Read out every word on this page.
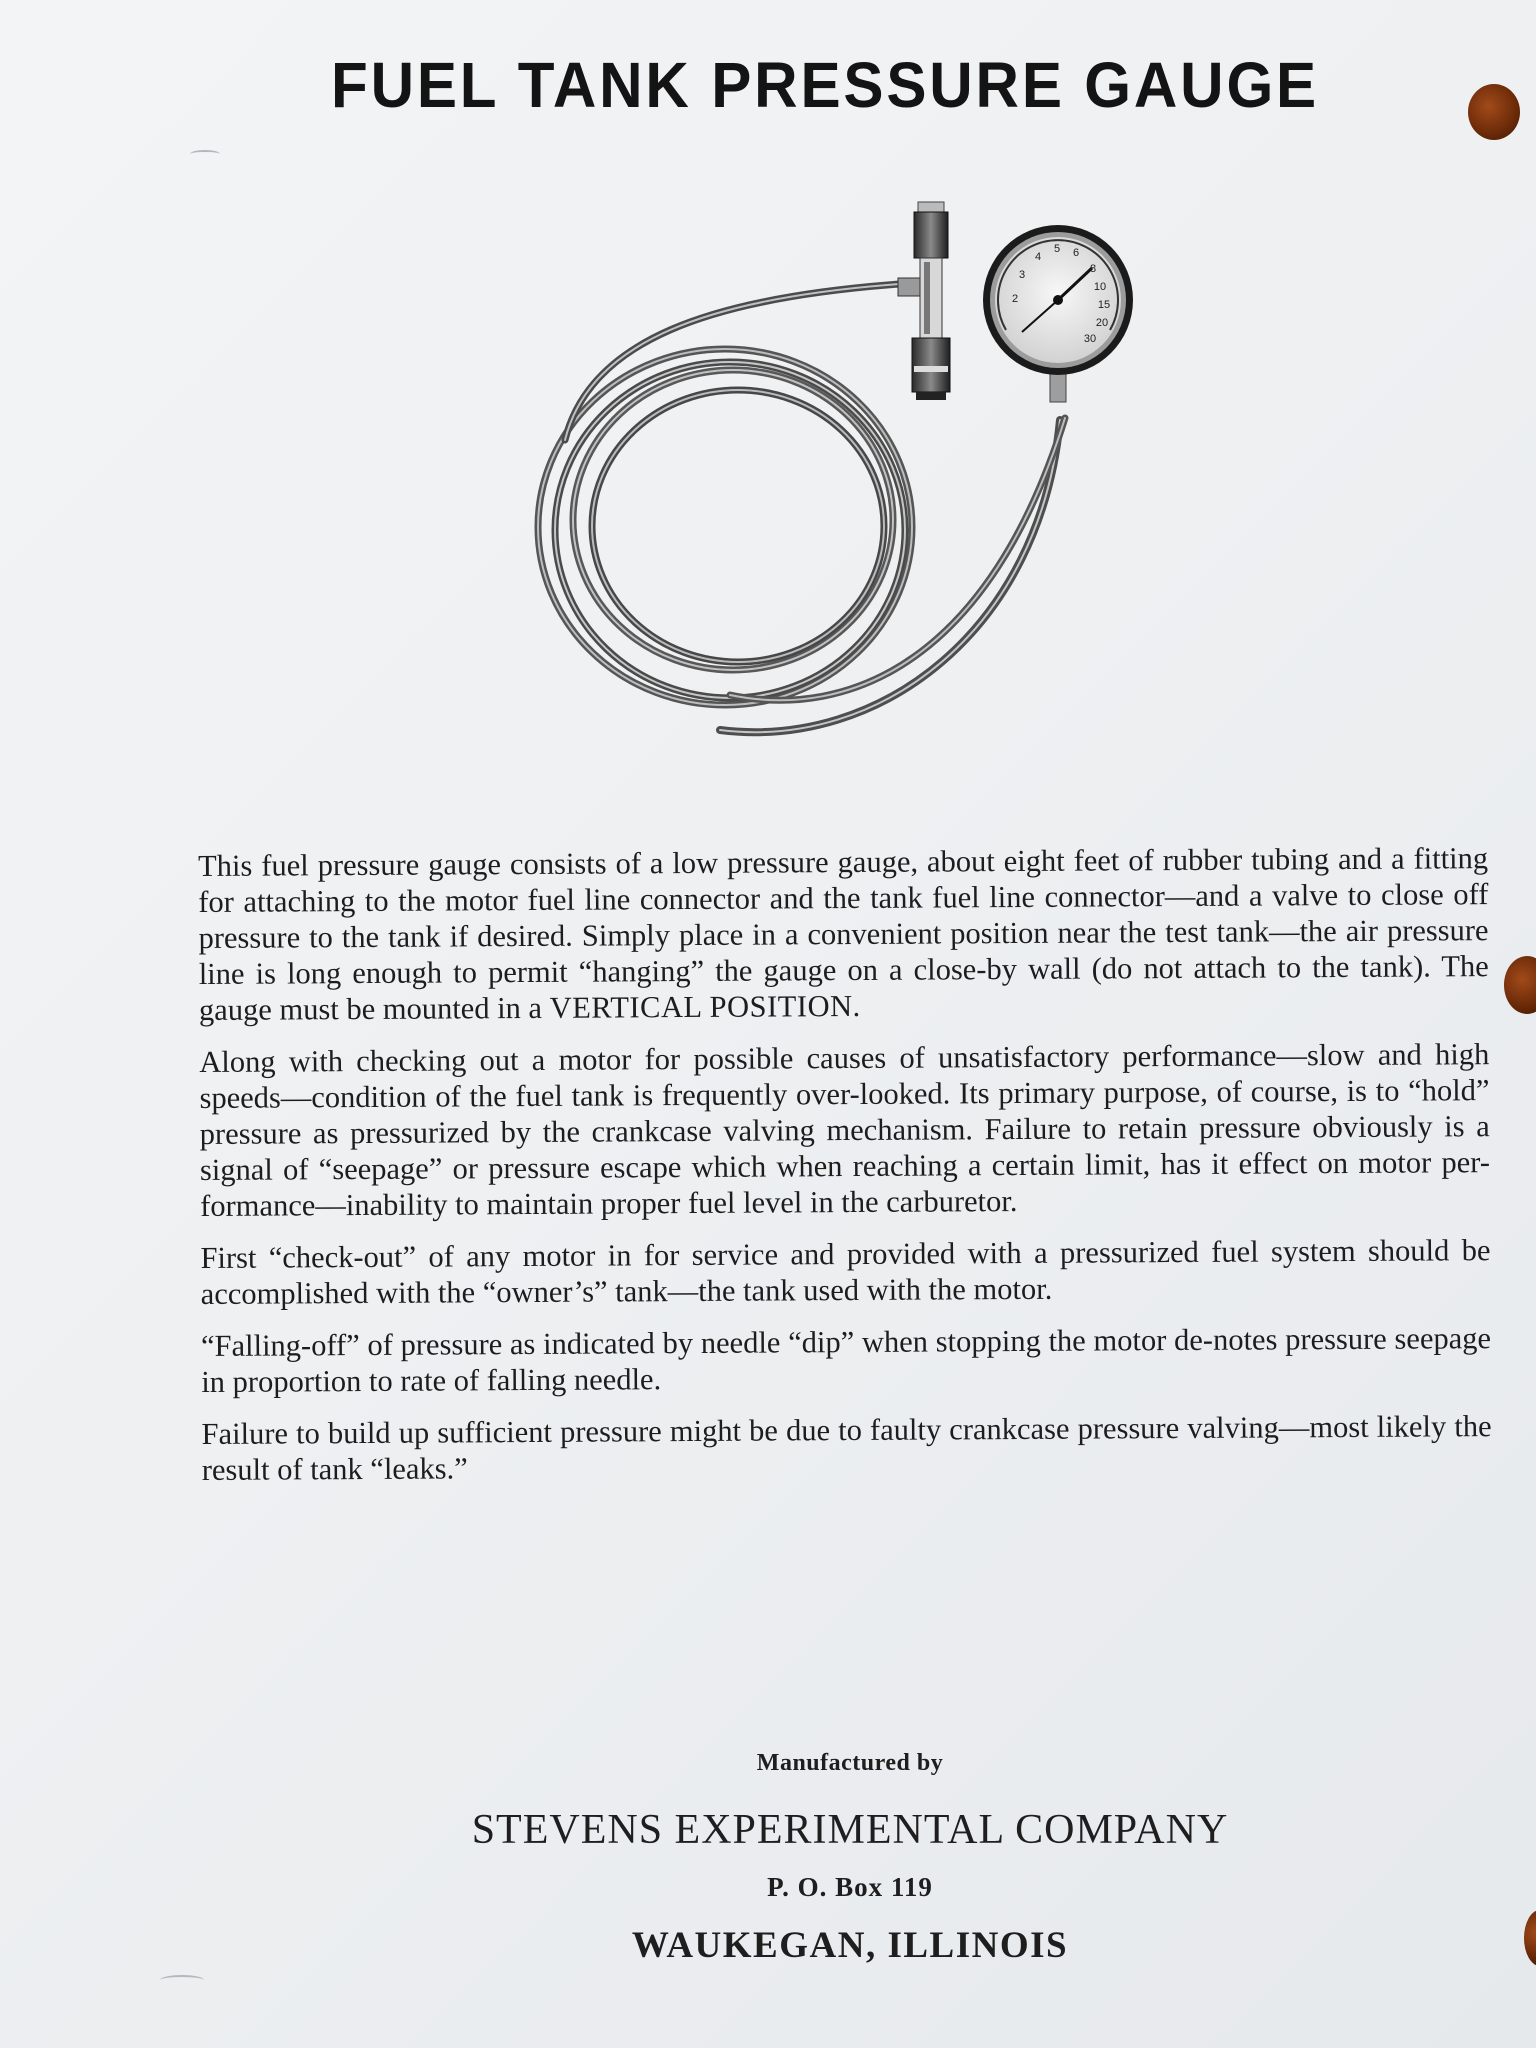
FUEL TANK PRESSURE GAUGE
2
3
4
5 6
8
10
15
20
30

This fuel pressure gauge consists of a low pressure gauge, about eight feet of rubber tubing and a fitting for attaching to the motor fuel line connector and the tank fuel line connector—and a valve to close off pressure to the tank if desired. Simply place in a convenient position near the test tank—the air pressure line is long enough to permit “hanging” the gauge on a close-by wall (do not attach to the tank). The gauge must be mounted in a VERTICAL POSITION.

Along with checking out a motor for possible causes of unsatisfactory performance—slow and high speeds—condition of the fuel tank is frequently over-looked. Its primary purpose, of course, is to “hold” pressure as pressurized by the crankcase valving mechanism. Failure to retain pressure obviously is a signal of “seepage” or pressure escape which when reaching a certain limit, has it effect on motor per-formance—inability to maintain proper fuel level in the carburetor.

First “check-out” of any motor in for service and provided with a pressurized fuel system should be accomplished with the “owner’s” tank—the tank used with the motor.

“Falling-off” of pressure as indicated by needle “dip” when stopping the motor de-notes pressure seepage in proportion to rate of falling needle.

Failure to build up sufficient pressure might be due to faulty crankcase pressure valving—most likely the result of tank “leaks.”

Manufactured by
STEVENS EXPERIMENTAL COMPANY
P. O. Box 119
WAUKEGAN, ILLINOIS
